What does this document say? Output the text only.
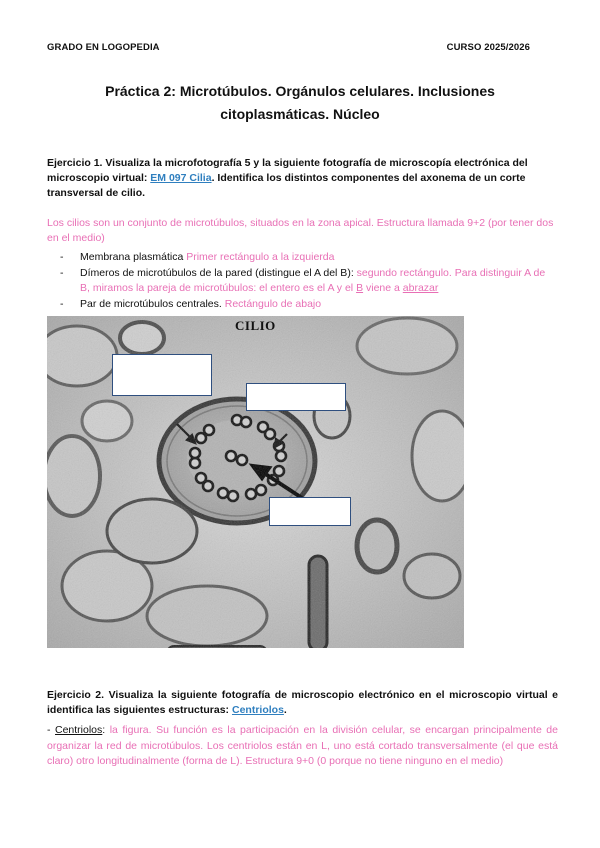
GRADO EN LOGOPEDIA	CURSO 2025/2026
Práctica 2: Microtúbulos. Orgánulos celulares. Inclusiones
citoplasmáticas. Núcleo
Ejercicio 1. Visualiza la microfotografía 5 y la siguiente fotografía de microscopía electrónica del microscopio virtual: EM 097 Cilia. Identifica los distintos componentes del axonema de un corte transversal de cilio.
Los cilios son un conjunto de microtúbulos, situados en la zona apical. Estructura llamada 9+2 (por tener dos en el medio)
- Membrana plasmática Primer rectángulo a la izquierda
- Dímeros de microtúbulos de la pared (distingue el A del B): segundo rectángulo. Para distinguir A de B, miramos la pareja de microtúbulos: el entero es el A y el B viene a abrazar
- Par de microtúbulos centrales. Rectángulo de abajo
CILIO
Ejercicio 2. Visualiza la siguiente fotografía de microscopio electrónico en el microscopio virtual e identifica las siguientes estructuras: Centriolos.
- Centriolos: la figura. Su función es la participación en la división celular, se encargan principalmente de organizar la red de microtúbulos. Los centriolos están en L, uno está cortado transversalmente (el que está claro) otro longitudinalmente (forma de L). Estructura 9+0 (0 porque no tiene ninguno en el medio)
